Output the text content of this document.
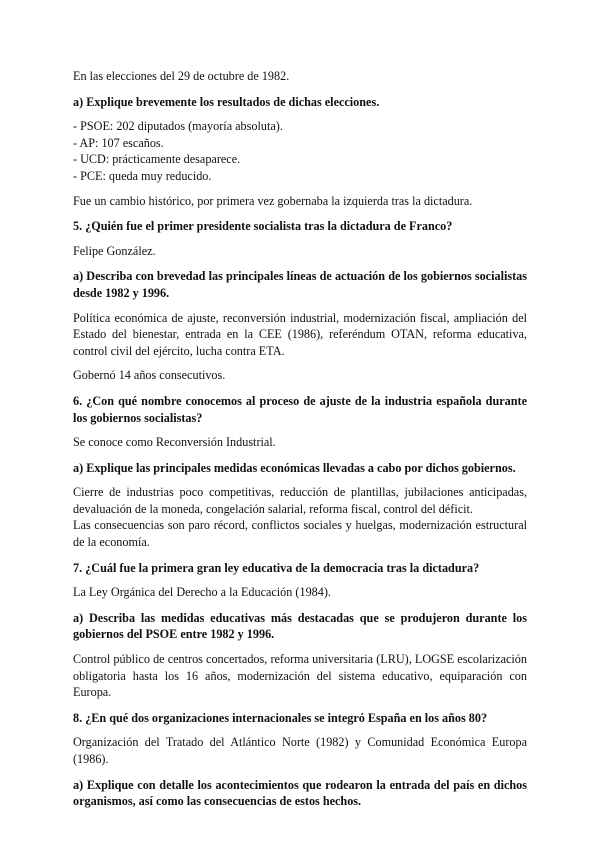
En las elecciones del 29 de octubre de 1982.

a) Explique brevemente los resultados de dichas elecciones.

- PSOE: 202 diputados (mayoría absoluta).
- AP: 107 escaños.
- UCD: prácticamente desaparece.
- PCE: queda muy reducido.

Fue un cambio histórico, por primera vez gobernaba la izquierda tras la dictadura.

5. ¿Quién fue el primer presidente socialista tras la dictadura de Franco?

Felipe González.

a) Describa con brevedad las principales líneas de actuación de los gobiernos socialistas desde 1982 y 1996.

Política económica de ajuste, reconversión industrial, modernización fiscal, ampliación del Estado del bienestar, entrada en la CEE (1986), referéndum OTAN, reforma educativa, control civil del ejército, lucha contra ETA.

Gobernó 14 años consecutivos.

6. ¿Con qué nombre conocemos al proceso de ajuste de la industria española durante los gobiernos socialistas?

Se conoce como Reconversión Industrial.

a) Explique las principales medidas económicas llevadas a cabo por dichos gobiernos.

Cierre de industrias poco competitivas, reducción de plantillas, jubilaciones anticipadas, devaluación de la moneda, congelación salarial, reforma fiscal, control del déficit.

Las consecuencias son paro récord, conflictos sociales y huelgas, modernización estructural de la economía.

7. ¿Cuál fue la primera gran ley educativa de la democracia tras la dictadura?

La Ley Orgánica del Derecho a la Educación (1984).

a) Describa las medidas educativas más destacadas que se produjeron durante los gobiernos del PSOE entre 1982 y 1996.

Control público de centros concertados, reforma universitaria (LRU), LOGSE escolarización obligatoria hasta los 16 años, modernización del sistema educativo, equiparación con Europa.

8. ¿En qué dos organizaciones internacionales se integró España en los años 80?

Organización del Tratado del Atlántico Norte (1982) y Comunidad Económica Europa (1986).

a) Explique con detalle los acontecimientos que rodearon la entrada del país en dichos organismos, así como las consecuencias de estos hechos.
